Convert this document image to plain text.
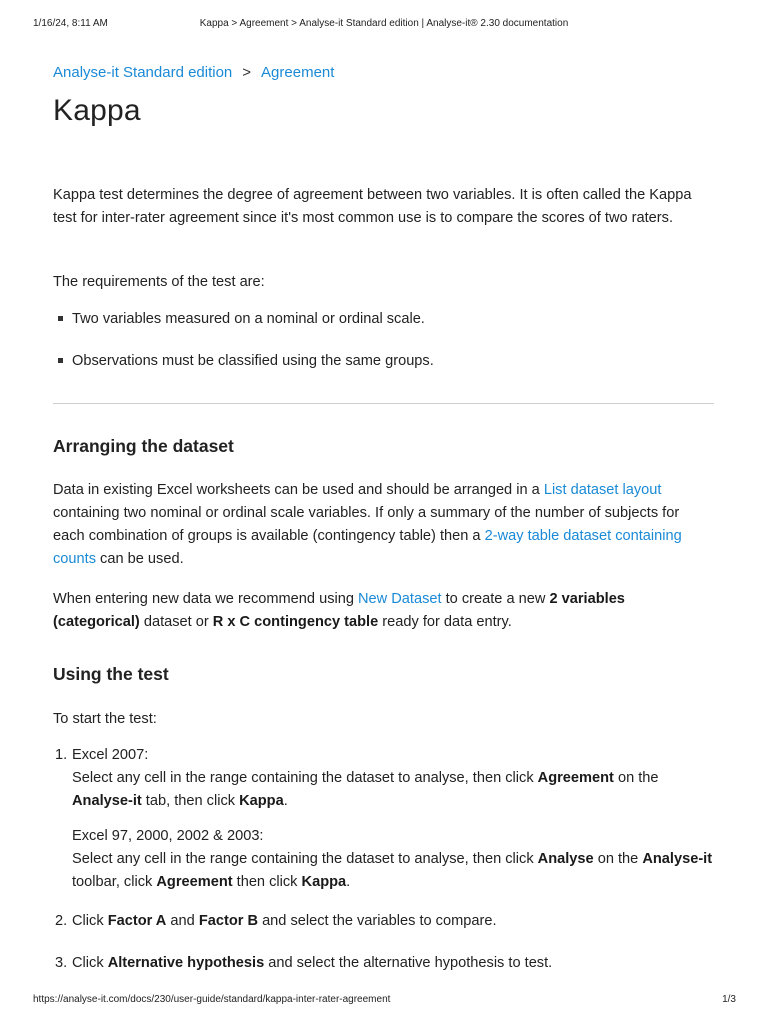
1/16/24, 8:11 AM	Kappa > Agreement > Analyse-it Standard edition | Analyse-it® 2.30 documentation
Analyse-it Standard edition > Agreement
Kappa

Kappa test determines the degree of agreement between two variables. It is often called the Kappa test for inter-rater agreement since it's most common use is to compare the scores of two raters.

The requirements of the test are:

Two variables measured on a nominal or ordinal scale.
Observations must be classified using the same groups.
Arranging the dataset

Data in existing Excel worksheets can be used and should be arranged in a List dataset layout containing two nominal or ordinal scale variables. If only a summary of the number of subjects for each combination of groups is available (contingency table) then a 2-way table dataset containing counts can be used.

When entering new data we recommend using New Dataset to create a new 2 variables (categorical) dataset or R x C contingency table ready for data entry.

Using the test

To start the test:

1. Excel 2007:
Select any cell in the range containing the dataset to analyse, then click Agreement on the Analyse-it tab, then click Kappa.
Excel 97, 2000, 2002 & 2003:
Select any cell in the range containing the dataset to analyse, then click Analyse on the Analyse-it toolbar, click Agreement then click Kappa.
2. Click Factor A and Factor B and select the variables to compare.
3. Click Alternative hypothesis and select the alternative hypothesis to test.
https://analyse-it.com/docs/230/user-guide/standard/kappa-inter-rater-agreement	1/3
